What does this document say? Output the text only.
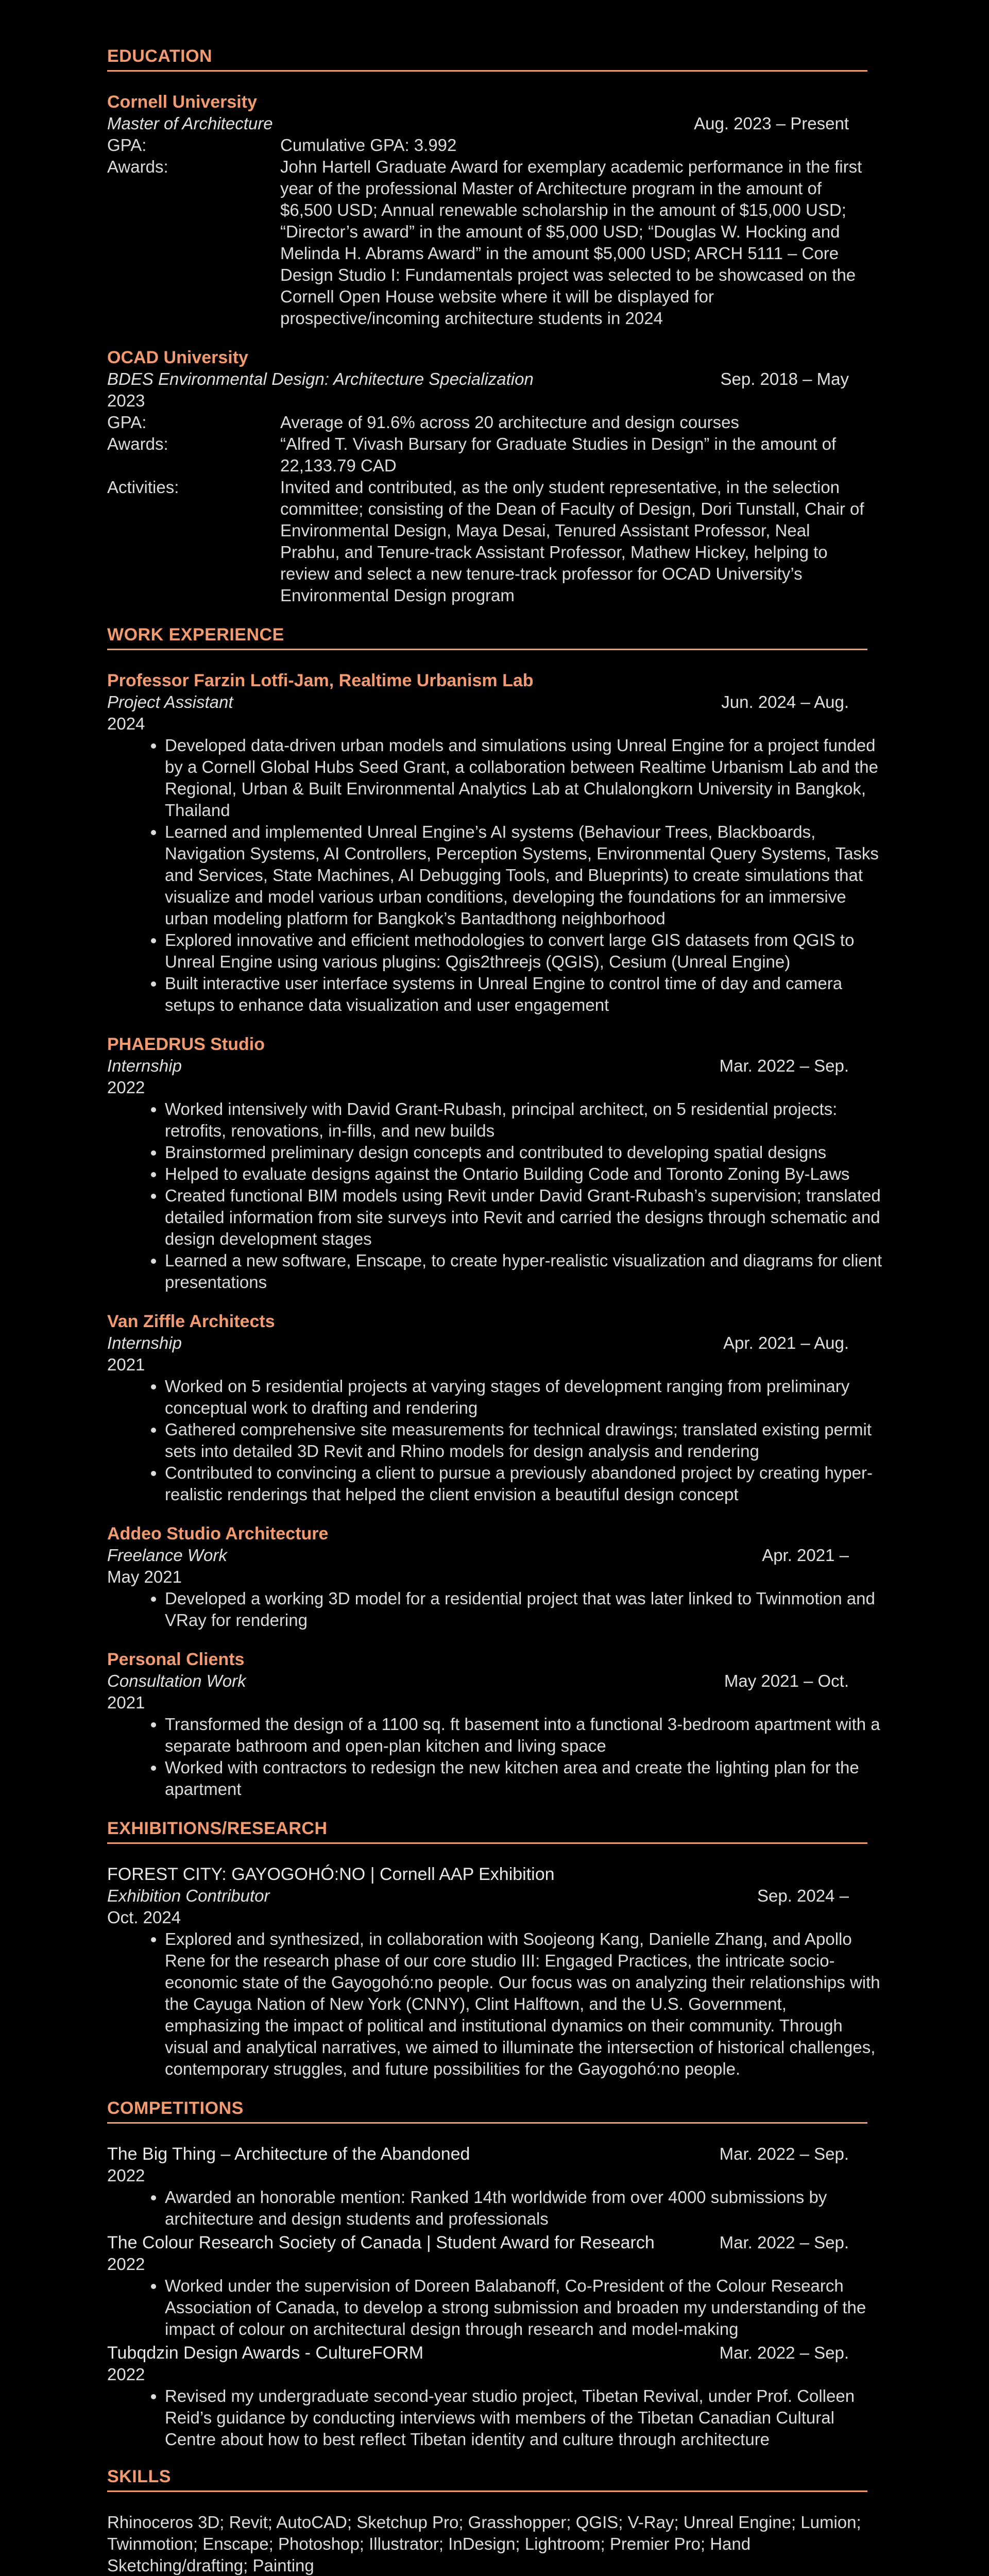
EDUCATION
Cornell University
Master of Architecture	Aug. 2023 – Present
GPA:	Cumulative GPA: 3.992
Awards:	John Hartell Graduate Award for exemplary academic performance in the first year of the professional Master of Architecture program in the amount of $6,500 USD; Annual renewable scholarship in the amount of $15,000 USD; “Director’s award” in the amount of $5,000 USD; “Douglas W. Hocking and Melinda H. Abrams Award” in the amount $5,000 USD; ARCH 5111 – Core Design Studio I: Fundamentals project was selected to be showcased on the Cornell Open House website where it will be displayed for prospective/incoming architecture students in 2024
OCAD University
BDES Environmental Design: Architecture Specialization	Sep. 2018 – May
2023
GPA:	Average of 91.6% across 20 architecture and design courses
Awards:	“Alfred T. Vivash Bursary for Graduate Studies in Design” in the amount of 22,133.79 CAD
Activities:	Invited and contributed, as the only student representative, in the selection committee; consisting of the Dean of Faculty of Design, Dori Tunstall, Chair of Environmental Design, Maya Desai, Tenured Assistant Professor, Neal Prabhu, and Tenure-track Assistant Professor, Mathew Hickey, helping to review and select a new tenure-track professor for OCAD University’s Environmental Design program
WORK EXPERIENCE
Professor Farzin Lotfi-Jam, Realtime Urbanism Lab
Project Assistant	Jun. 2024 – Aug.
2024
• Developed data-driven urban models and simulations using Unreal Engine for a project funded by a Cornell Global Hubs Seed Grant, a collaboration between Realtime Urbanism Lab and the Regional, Urban & Built Environmental Analytics Lab at Chulalongkorn University in Bangkok, Thailand
• Learned and implemented Unreal Engine’s AI systems (Behaviour Trees, Blackboards, Navigation Systems, AI Controllers, Perception Systems, Environmental Query Systems, Tasks and Services, State Machines, AI Debugging Tools, and Blueprints) to create simulations that visualize and model various urban conditions, developing the foundations for an immersive urban modeling platform for Bangkok’s Bantadthong neighborhood
• Explored innovative and efficient methodologies to convert large GIS datasets from QGIS to Unreal Engine using various plugins: Qgis2threejs (QGIS), Cesium (Unreal Engine)
• Built interactive user interface systems in Unreal Engine to control time of day and camera setups to enhance data visualization and user engagement
PHAEDRUS Studio
Internship	Mar. 2022 – Sep.
2022
• Worked intensively with David Grant-Rubash, principal architect, on 5 residential projects: retrofits, renovations, in-fills, and new builds
• Brainstormed preliminary design concepts and contributed to developing spatial designs
• Helped to evaluate designs against the Ontario Building Code and Toronto Zoning By-Laws
• Created functional BIM models using Revit under David Grant-Rubash’s supervision; translated detailed information from site surveys into Revit and carried the designs through schematic and design development stages
• Learned a new software, Enscape, to create hyper-realistic visualization and diagrams for client presentations
Van Ziffle Architects
Internship	Apr. 2021 – Aug.
2021
• Worked on 5 residential projects at varying stages of development ranging from preliminary conceptual work to drafting and rendering
• Gathered comprehensive site measurements for technical drawings; translated existing permit sets into detailed 3D Revit and Rhino models for design analysis and rendering
• Contributed to convincing a client to pursue a previously abandoned project by creating hyper-realistic renderings that helped the client envision a beautiful design concept
Addeo Studio Architecture
Freelance Work	Apr. 2021 –
May 2021
• Developed a working 3D model for a residential project that was later linked to Twinmotion and VRay for rendering
Personal Clients
Consultation Work	May 2021 – Oct.
2021
• Transformed the design of a 1100 sq. ft basement into a functional 3-bedroom apartment with a separate bathroom and open-plan kitchen and living space
• Worked with contractors to redesign the new kitchen area and create the lighting plan for the apartment
EXHIBITIONS/RESEARCH
FOREST CITY: GAYOGOHÓ:NO | Cornell AAP Exhibition
Exhibition Contributor	Sep. 2024 –
Oct. 2024
• Explored and synthesized, in collaboration with Soojeong Kang, Danielle Zhang, and Apollo Rene for the research phase of our core studio III: Engaged Practices, the intricate socio-economic state of the Gayogohó:no people. Our focus was on analyzing their relationships with the Cayuga Nation of New York (CNNY), Clint Halftown, and the U.S. Government, emphasizing the impact of political and institutional dynamics on their community. Through visual and analytical narratives, we aimed to illuminate the intersection of historical challenges, contemporary struggles, and future possibilities for the Gayogohó:no people.
COMPETITIONS
The Big Thing – Architecture of the Abandoned	Mar. 2022 – Sep.
2022
• Awarded an honorable mention: Ranked 14th worldwide from over 4000 submissions by architecture and design students and professionals
The Colour Research Society of Canada | Student Award for Research	Mar. 2022 – Sep.
2022
• Worked under the supervision of Doreen Balabanoff, Co-President of the Colour Research Association of Canada, to develop a strong submission and broaden my understanding of the impact of colour on architectural design through research and model-making
Tubqdzin Design Awards - CultureFORM	Mar. 2022 – Sep.
2022
• Revised my undergraduate second-year studio project, Tibetan Revival, under Prof. Colleen Reid’s guidance by conducting interviews with members of the Tibetan Canadian Cultural Centre about how to best reflect Tibetan identity and culture through architecture
SKILLS
Rhinoceros 3D; Revit; AutoCAD; Sketchup Pro; Grasshopper; QGIS; V-Ray; Unreal Engine; Lumion; Twinmotion; Enscape; Photoshop; Illustrator; InDesign; Lightroom; Premier Pro; Hand Sketching/drafting; Painting
